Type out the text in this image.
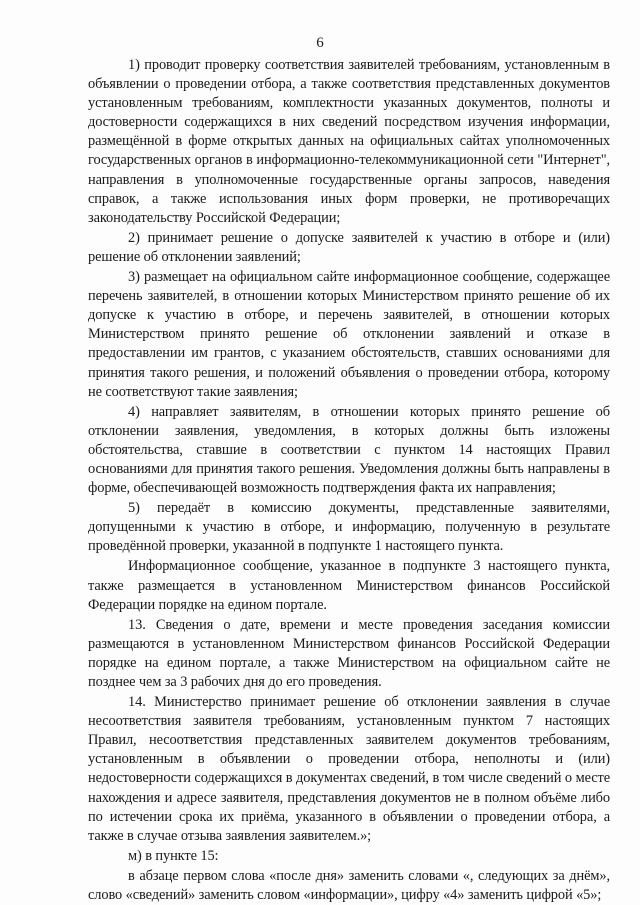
6

1) проводит проверку соответствия заявителей требованиям, установленным в объявлении о проведении отбора, а также соответствия представленных документов установленным требованиям, комплектности указанных документов, полноты и достоверности содержащихся в них сведений посредством изучения информации, размещённой в форме открытых данных на официальных сайтах уполномоченных государственных органов в информационно-телекоммуникационной сети "Интернет", направления в уполномоченные государственные органы запросов, наведения справок, а также использования иных форм проверки, не противоречащих законодательству Российской Федерации;

2) принимает решение о допуске заявителей к участию в отборе и (или) решение об отклонении заявлений;

3) размещает на официальном сайте информационное сообщение, содержащее перечень заявителей, в отношении которых Министерством принято решение об их допуске к участию в отборе, и перечень заявителей, в отношении которых Министерством принято решение об отклонении заявлений и отказе в предоставлении им грантов, с указанием обстоятельств, ставших основаниями для принятия такого решения, и положений объявления о проведении отбора, которому не соответствуют такие заявления;

4) направляет заявителям, в отношении которых принято решение об отклонении заявления, уведомления, в которых должны быть изложены обстоятельства, ставшие в соответствии с пунктом 14 настоящих Правил основаниями для принятия такого решения. Уведомления должны быть направлены в форме, обеспечивающей возможность подтверждения факта их направления;

5) передаёт в комиссию документы, представленные заявителями, допущенными к участию в отборе, и информацию, полученную в результате проведённой проверки, указанной в подпункте 1 настоящего пункта.

Информационное сообщение, указанное в подпункте 3 настоящего пункта, также размещается в установленном Министерством финансов Российской Федерации порядке на едином портале.

13. Сведения о дате, времени и месте проведения заседания комиссии размещаются в установленном Министерством финансов Российской Федерации порядке на едином портале, а также Министерством на официальном сайте не позднее чем за 3 рабочих дня до его проведения.

14. Министерство принимает решение об отклонении заявления в случае несоответствия заявителя требованиям, установленным пунктом 7 настоящих Правил, несоответствия представленных заявителем документов требованиям, установленным в объявлении о проведении отбора, неполноты и (или) недостоверности содержащихся в документах сведений, в том числе сведений о месте нахождения и адресе заявителя, представления документов не в полном объёме либо по истечении срока их приёма, указанного в объявлении о проведении отбора, а также в случае отзыва заявления заявителем.»;

м) в пункте 15:

в абзаце первом слова «после дня» заменить словами «, следующих за днём», слово «сведений» заменить словом «информации», цифру «4» заменить цифрой «5»;
